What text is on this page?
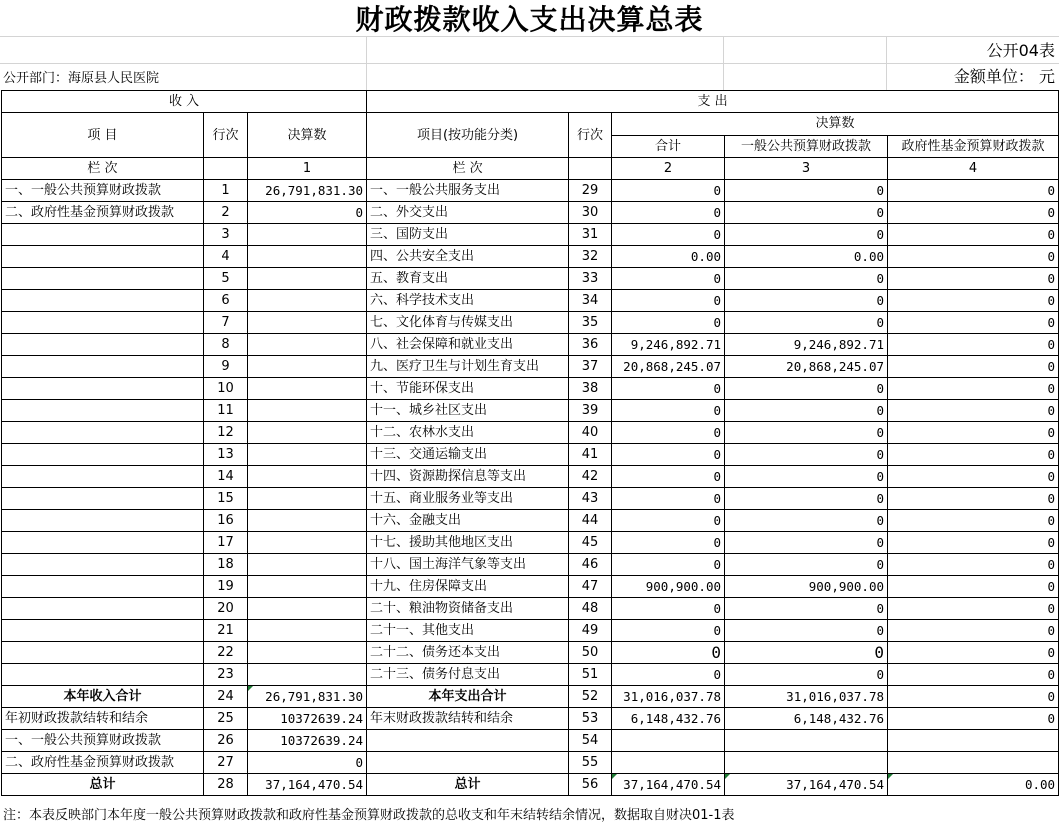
财政拨款收入支出决算总表
公开04表
公开部门：海原县人民医院	金额单位： 元
收 入			支 出				
项 目	行次	决算数	项目(按功能分类)	行次	决算数		
					合计	一般公共预算财政拨款	政府性基金预算财政拨款
栏 次		1	栏 次		2	3	4
一、一般公共预算财政拨款	1	26,791,831.30	一、一般公共服务支出	29	0	0	0
二、政府性基金预算财政拨款	2	0	二、外交支出	30	0	0	0
	3		三、国防支出	31	0	0	0
	4		四、公共安全支出	32	0.00	0.00	0
	5		五、教育支出	33	0	0	0
	6		六、科学技术支出	34	0	0	0
	7		七、文化体育与传媒支出	35	0	0	0
	8		八、社会保障和就业支出	36	9,246,892.71	9,246,892.71	0
	9		九、医疗卫生与计划生育支出	37	20,868,245.07	20,868,245.07	0
	10		十、节能环保支出	38	0	0	0
	11		十一、城乡社区支出	39	0	0	0
	12		十二、农林水支出	40	0	0	0
	13		十三、交通运输支出	41	0	0	0
	14		十四、资源勘探信息等支出	42	0	0	0
	15		十五、商业服务业等支出	43	0	0	0
	16		十六、金融支出	44	0	0	0
	17		十七、援助其他地区支出	45	0	0	0
	18		十八、国土海洋气象等支出	46	0	0	0
	19		十九、住房保障支出	47	900,900.00	900,900.00	0
	20		二十、粮油物资储备支出	48	0	0	0
	21		二十一、其他支出	49	0	0	0
	22		二十二、债务还本支出	50	0	0	0
	23		二十三、债务付息支出	51	0	0	0
本年收入合计	24	26,791,831.30	本年支出合计	52	31,016,037.78	31,016,037.78	0
年初财政拨款结转和结余	25	10372639.24	年末财政拨款结转和结余	53	6,148,432.76	6,148,432.76	0
一、一般公共预算财政拨款	26	10372639.24		54			
二、政府性基金预算财政拨款	27	0		55			
总计	28	37,164,470.54	总计	56	37,164,470.54	37,164,470.54	0.00
注：本表反映部门本年度一般公共预算财政拨款和政府性基金预算财政拨款的总收支和年末结转结余情况，数据取自财决01-1表
